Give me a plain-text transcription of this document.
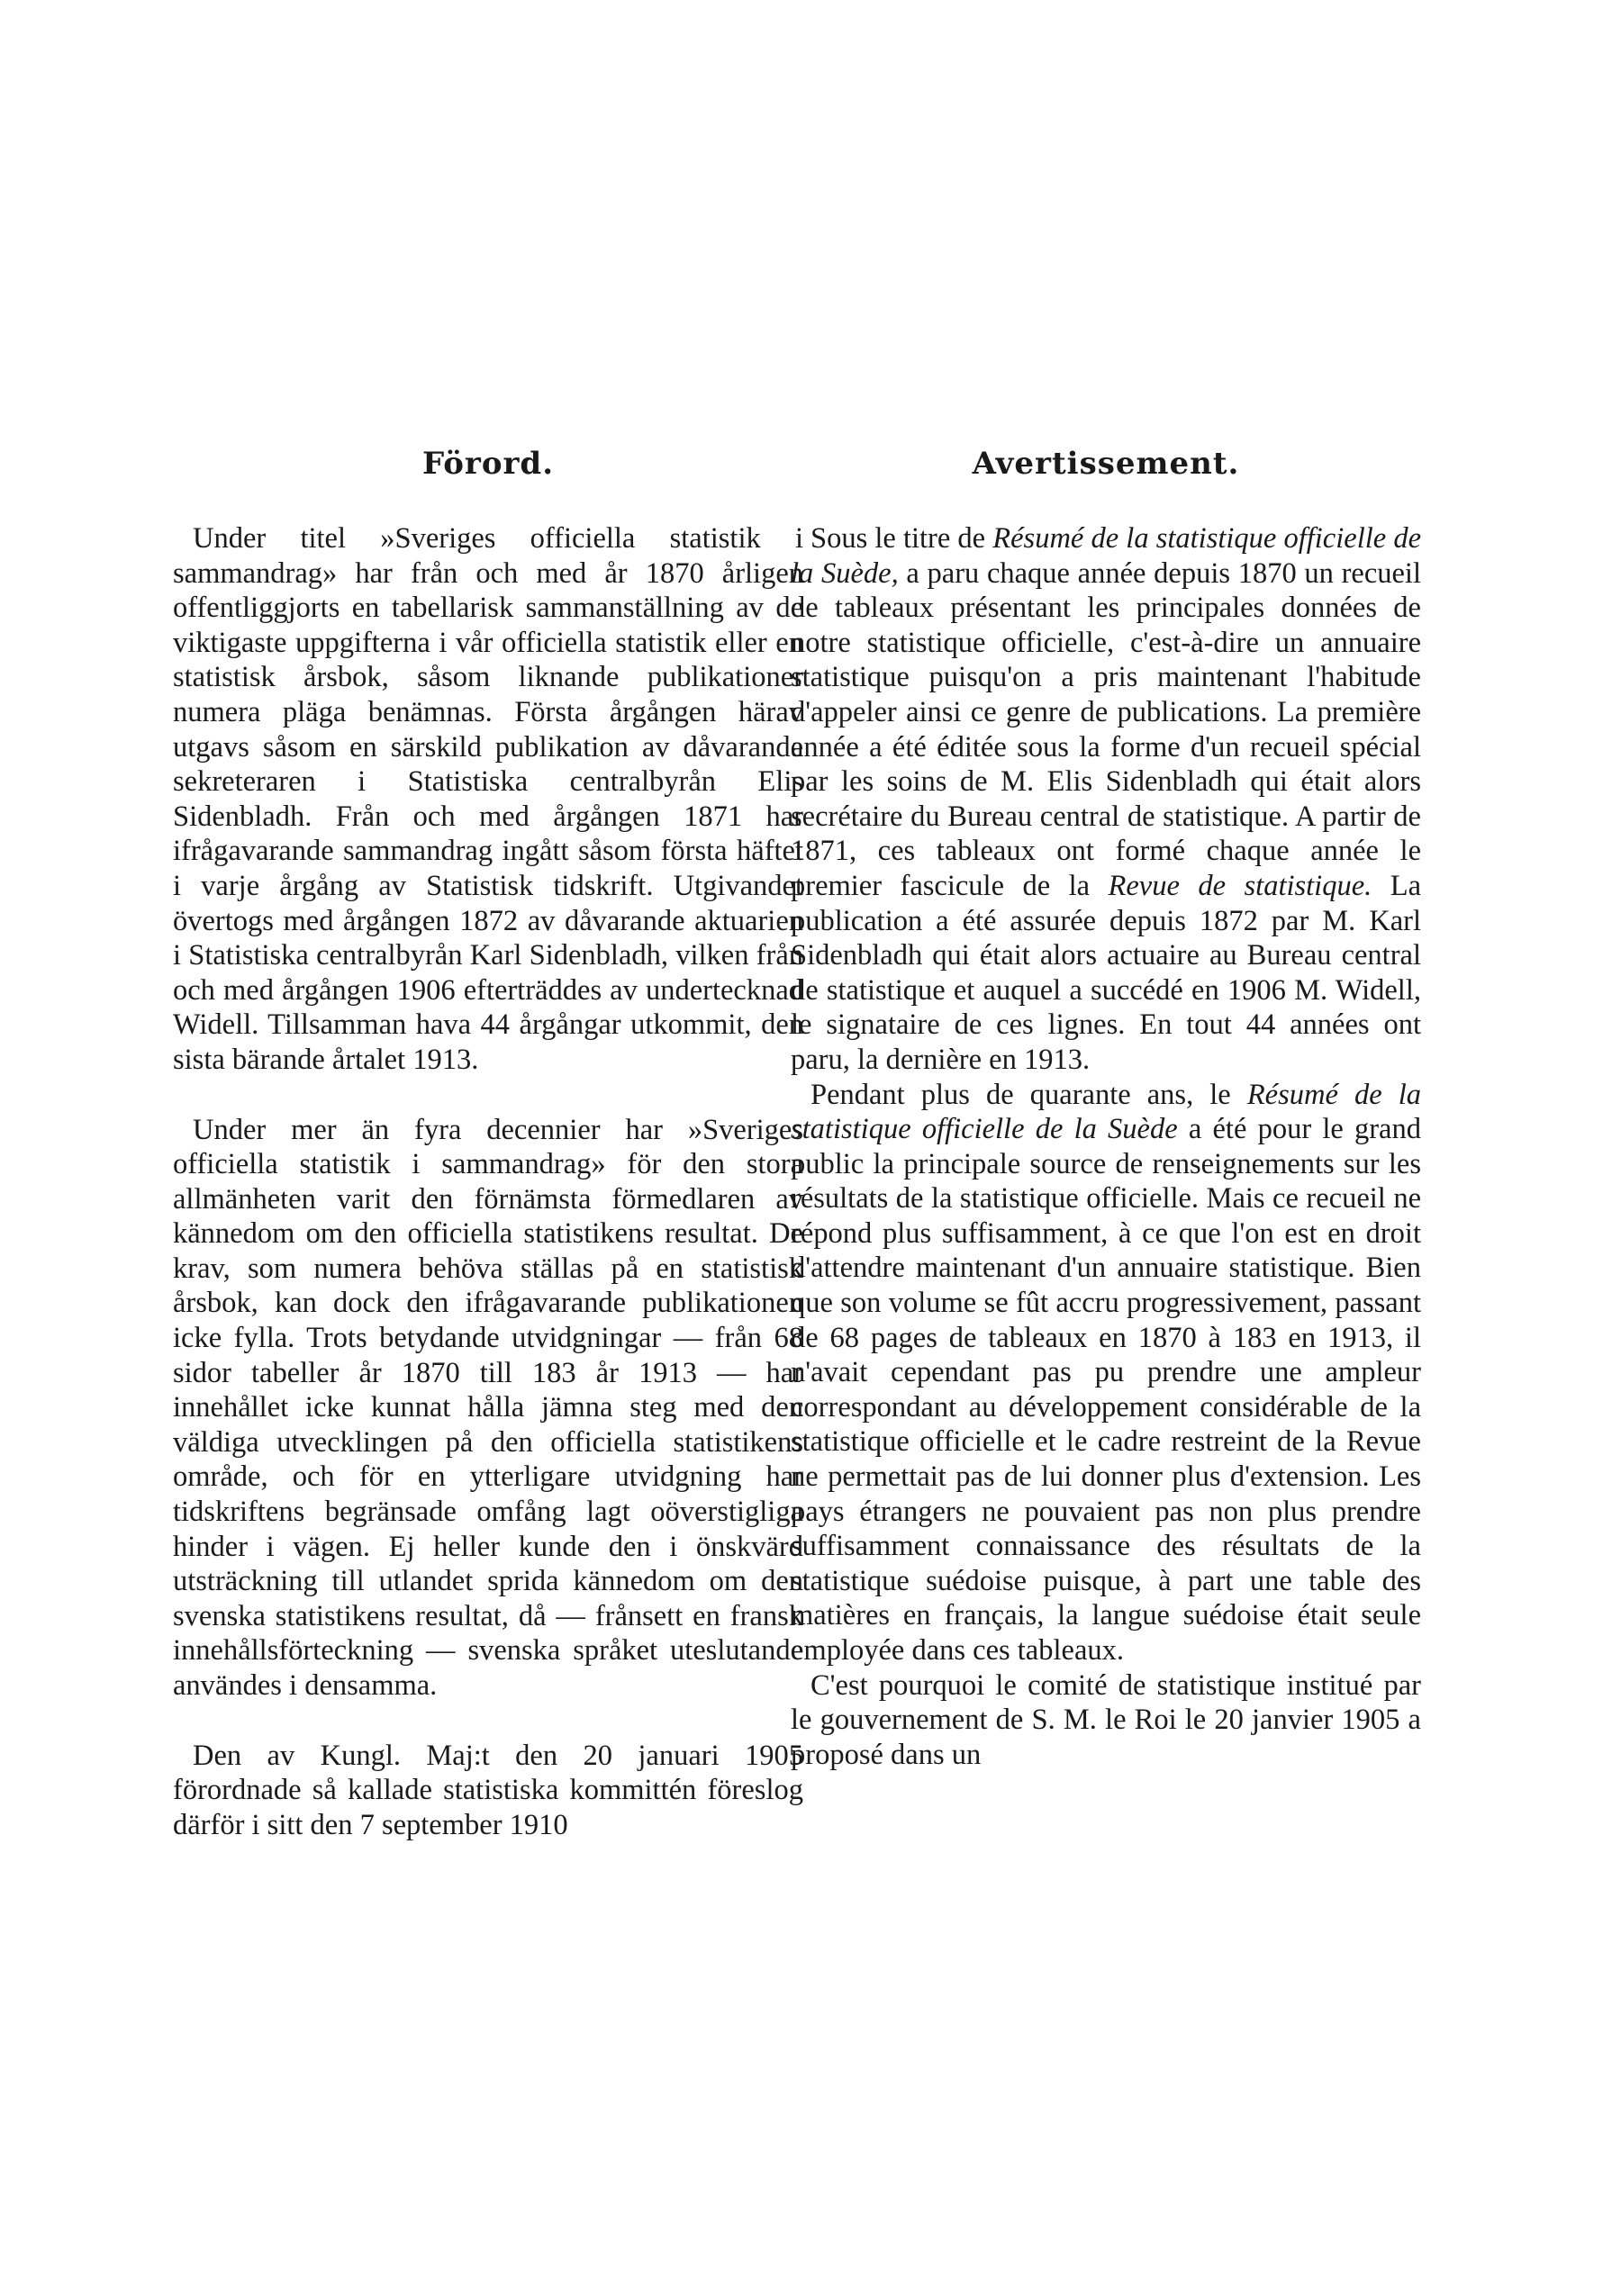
Förord.

Under titel »Sveriges officiella statistik i sammandrag» har från och med år 1870 årligen offentliggjorts en tabellarisk sammanställning av de viktigaste uppgifterna i vår officiella statistik eller en statistisk årsbok, såsom liknande publikationer numera pläga benämnas. Första årgången härav utgavs såsom en särskild publikation av dåvarande sekreteraren i Statistiska centralbyrån Elis Sidenbladh. Från och med årgången 1871 har ifrågavarande sammandrag ingått såsom första häftet i varje årgång av Statistisk tidskrift. Utgivandet övertogs med årgången 1872 av dåvarande aktuarien i Statistiska centralbyrån Karl Sidenbladh, vilken från och med årgången 1906 efterträddes av undertecknad Widell. Tillsamman hava 44 årgångar utkommit, den sista bärande årtalet 1913.

Under mer än fyra decennier har »Sveriges officiella statistik i sammandrag» för den stora allmänheten varit den förnämsta förmedlaren av kännedom om den officiella statistikens resultat. De krav, som numera behöva ställas på en statistisk årsbok, kan dock den ifrågavarande publikationen icke fylla. Trots betydande utvidgningar — från 68 sidor tabeller år 1870 till 183 år 1913 — har innehållet icke kunnat hålla jämna steg med den väldiga utvecklingen på den officiella statistikens område, och för en ytterligare utvidgning har tidskriftens begränsade omfång lagt oöverstigliga hinder i vägen. Ej heller kunde den i önskvärd utsträckning till utlandet sprida kännedom om den svenska statistikens resultat, då — frånsett en fransk innehållsförteckning — svenska språket uteslutande användes i densamma.

Den av Kungl. Maj:t den 20 januari 1905 förordnade så kallade statistiska kommittén föreslog därför i sitt den 7 september 1910

Avertissement.

Sous le titre de Résumé de la statistique officielle de la Suède, a paru chaque année depuis 1870 un recueil de tableaux présentant les principales données de notre statistique officielle, c'est-à-dire un annuaire statistique puisqu'on a pris maintenant l'habitude d'appeler ainsi ce genre de publications. La première année a été éditée sous la forme d'un recueil spécial par les soins de M. Elis Sidenbladh qui était alors secrétaire du Bureau central de statistique. A partir de 1871, ces tableaux ont formé chaque année le premier fascicule de la Revue de statistique. La publication a été assurée depuis 1872 par M. Karl Sidenbladh qui était alors actuaire au Bureau central de statistique et auquel a succédé en 1906 M. Widell, le signataire de ces lignes. En tout 44 années ont paru, la dernière en 1913.

Pendant plus de quarante ans, le Résumé de la statistique officielle de la Suède a été pour le grand public la principale source de renseignements sur les résultats de la statistique officielle. Mais ce recueil ne répond plus suffisamment, à ce que l'on est en droit d'attendre maintenant d'un annuaire statistique. Bien que son volume se fût accru progressivement, passant de 68 pages de tableaux en 1870 à 183 en 1913, il n'avait cependant pas pu prendre une ampleur correspondant au développement considérable de la statistique officielle et le cadre restreint de la Revue ne permettait pas de lui donner plus d'extension. Les pays étrangers ne pouvaient pas non plus prendre suffisamment connaissance des résultats de la statistique suédoise puisque, à part une table des matières en français, la langue suédoise était seule employée dans ces tableaux.

C'est pourquoi le comité de statistique institué par le gouvernement de S. M. le Roi le 20 janvier 1905 a proposé dans un
